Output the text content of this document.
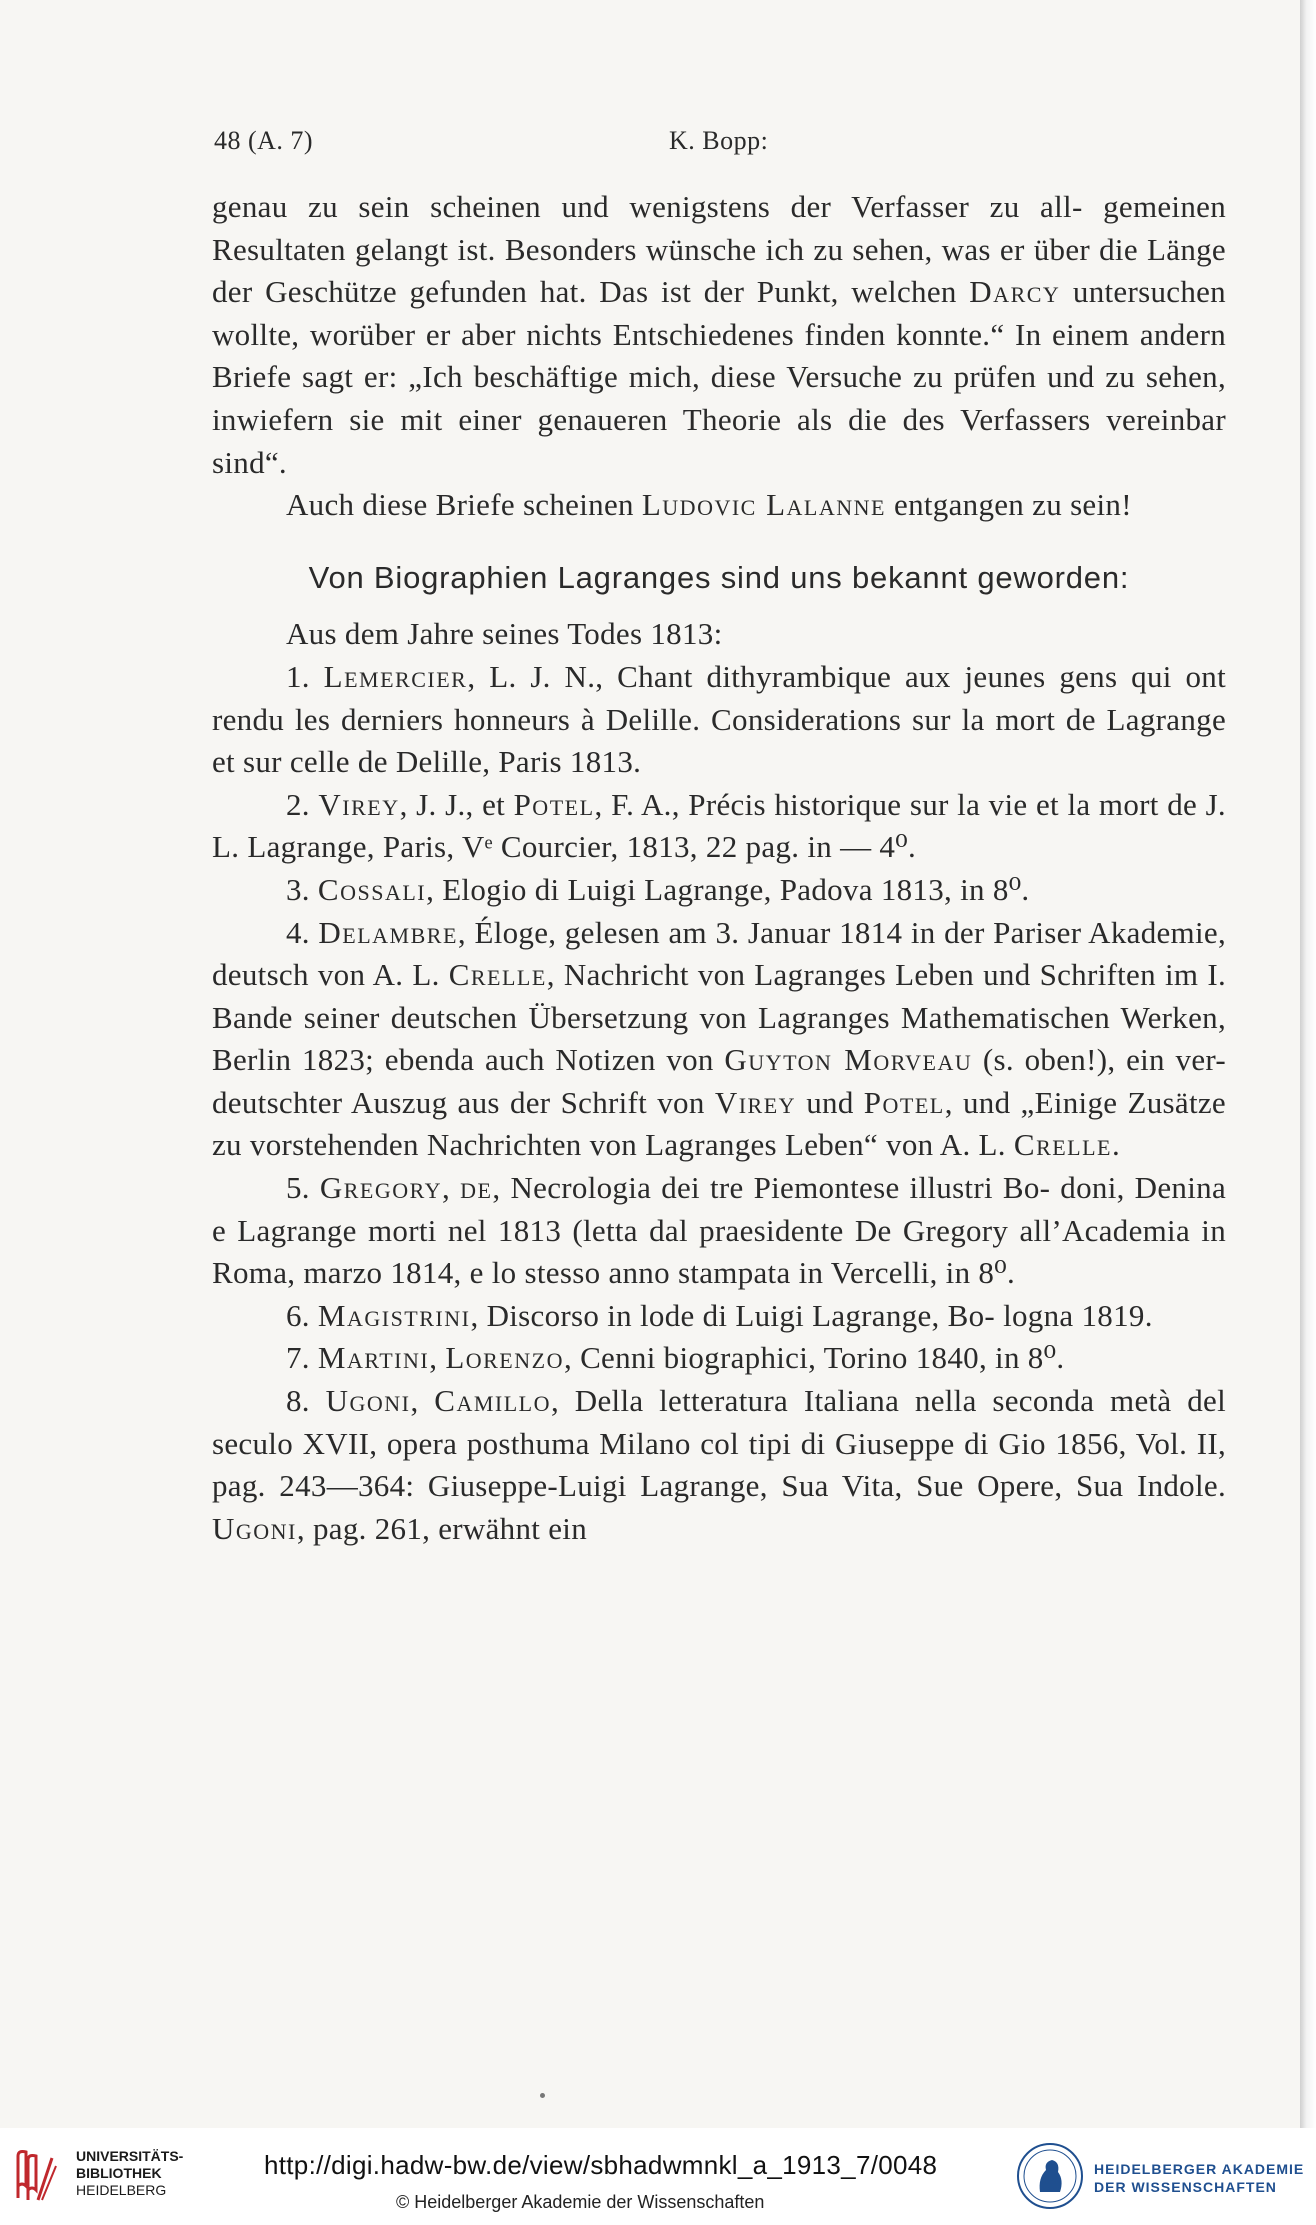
48 (A. 7)	K. Bopp:

genau zu sein scheinen und wenigstens der Verfasser zu all- gemeinen Resultaten gelangt ist. Besonders wünsche ich zu sehen, was er über die Länge der Geschütze gefunden hat. Das ist der Punkt, welchen Darcy untersuchen wollte, worüber er aber nichts Entschiedenes finden konnte.“ In einem andern Briefe sagt er: „Ich beschäftige mich, diese Versuche zu prüfen und zu sehen, inwiefern sie mit einer genaueren Theorie als die des Verfassers vereinbar sind“.

Auch diese Briefe scheinen Ludovic Lalanne entgangen zu sein!

Von Biographien Lagranges sind uns bekannt geworden:

Aus dem Jahre seines Todes 1813:

1. Lemercier, L. J. N., Chant dithyrambique aux jeunes gens qui ont rendu les derniers honneurs à Delille. Considerations sur la mort de Lagrange et sur celle de Delille, Paris 1813.

2. Virey, J. J., et Potel, F. A., Précis historique sur la vie et la mort de J. L. Lagrange, Paris, Vᵉ Courcier, 1813, 22 pag. in — 4⁰.

3. Cossali, Elogio di Luigi Lagrange, Padova 1813, in 8⁰.

4. Delambre, Éloge, gelesen am 3. Januar 1814 in der Pariser Akademie, deutsch von A. L. Crelle, Nachricht von Lagranges Leben und Schriften im I. Bande seiner deutschen Übersetzung von Lagranges Mathematischen Werken, Berlin 1823; ebenda auch Notizen von Guyton Morveau (s. oben!), ein ver- deutschter Auszug aus der Schrift von Virey und Potel, und „Einige Zusätze zu vorstehenden Nachrichten von Lagranges Leben“ von A. L. Crelle.

5. Gregory, de, Necrologia dei tre Piemontese illustri Bo- doni, Denina e Lagrange morti nel 1813 (letta dal praesidente De Gregory all’Academia in Roma, marzo 1814, e lo stesso anno stampata in Vercelli, in 8⁰.

6. Magistrini, Discorso in lode di Luigi Lagrange, Bo- logna 1819.

7. Martini, Lorenzo, Cenni biographici, Torino 1840, in 8⁰.

8. Ugoni, Camillo, Della letteratura Italiana nella seconda metà del seculo XVII, opera posthuma Milano col tipi di Giuseppe di Gio 1856, Vol. II, pag. 243—364: Giuseppe-Luigi Lagrange, Sua Vita, Sue Opere, Sua Indole. Ugoni, pag. 261, erwähnt ein

UNIVERSITÄTS-
BIBLIOTHEK
HEIDELBERG
http://digi.hadw-bw.de/view/sbhadwmnkl_a_1913_7/0048
© Heidelberger Akademie der Wissenschaften
HEIDELBERGER AKADEMIE
DER WISSENSCHAFTEN
